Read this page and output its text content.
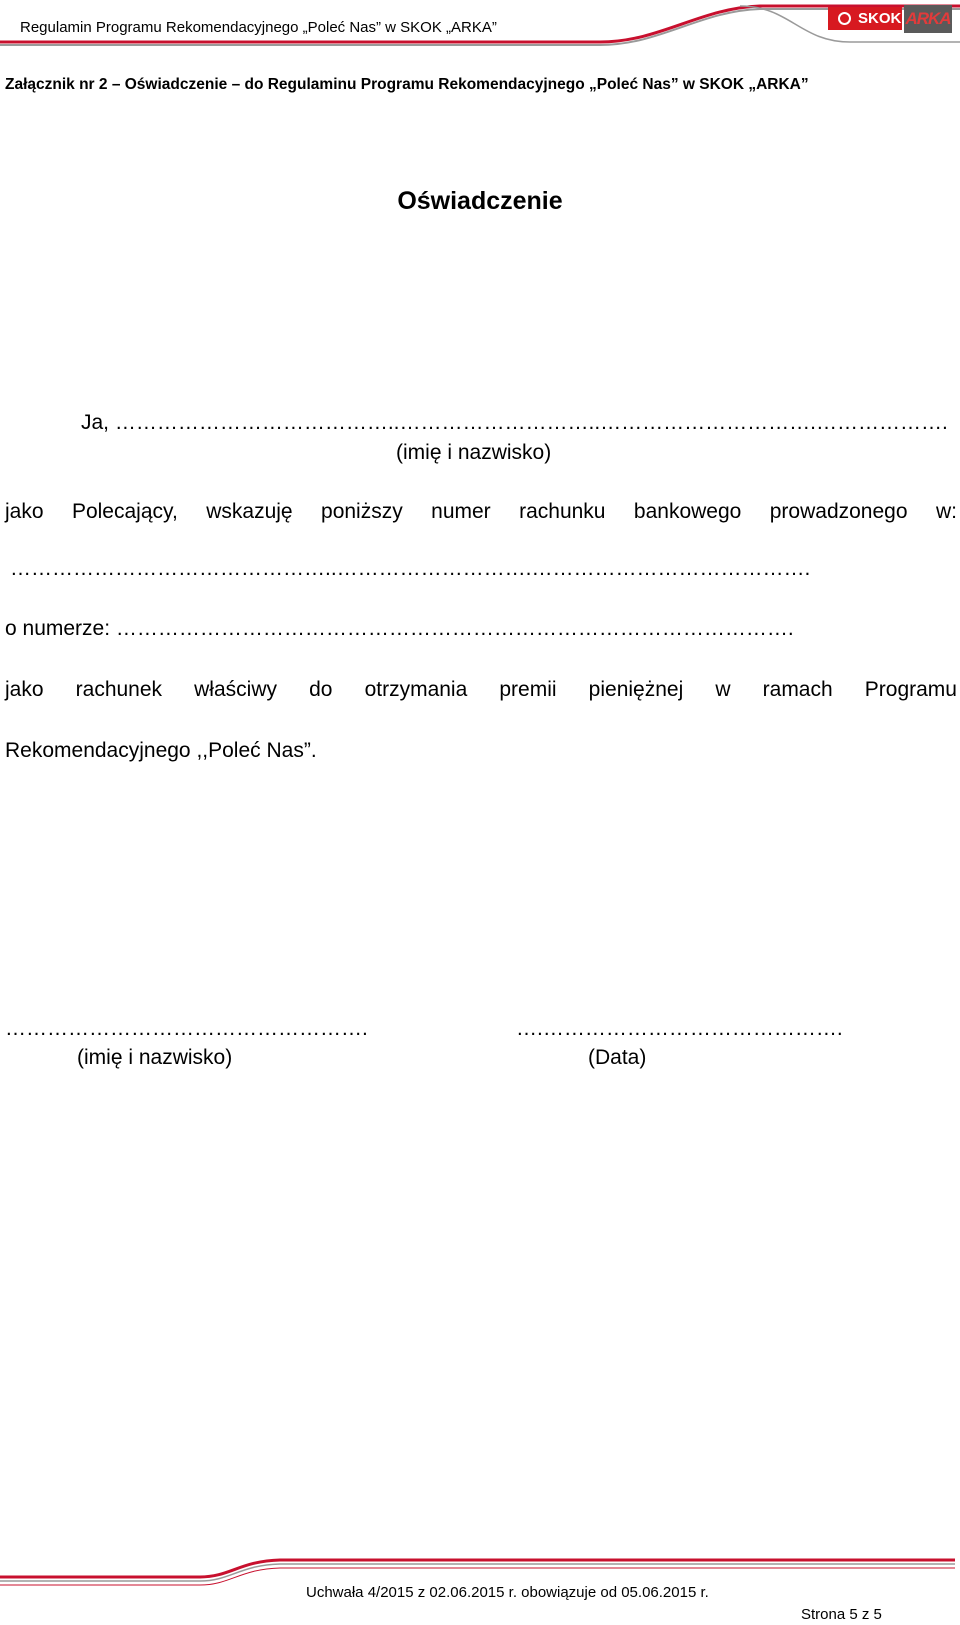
Regulamin Programu Rekomendacyjnego „Poleć Nas” w SKOK „ARKA”
SKOK ARKA
Załącznik nr 2 – Oświadczenie – do Regulaminu Programu Rekomendacyjnego „Poleć Nas” w SKOK „ARKA”
Oświadczenie
Ja, …………………………………..………………………..………………………….……………….
(imię i nazwisko)
jako Polecający, wskazuję poniższy numer rachunku bankowego prowadzonego w:
………………………………………..……………………….………………………………….
o numerze: …………………………………………………………………………………….
jako rachunek właściwy do otrzymania premii pieniężnej w ramach Programu
Rekomendacyjnego ,,Poleć Nas”.
…………………………………………….	….…………………………………….
(imię i nazwisko)	(Data)
Uchwała 4/2015 z 02.06.2015 r. obowiązuje od 05.06.2015 r.
Strona 5 z 5
